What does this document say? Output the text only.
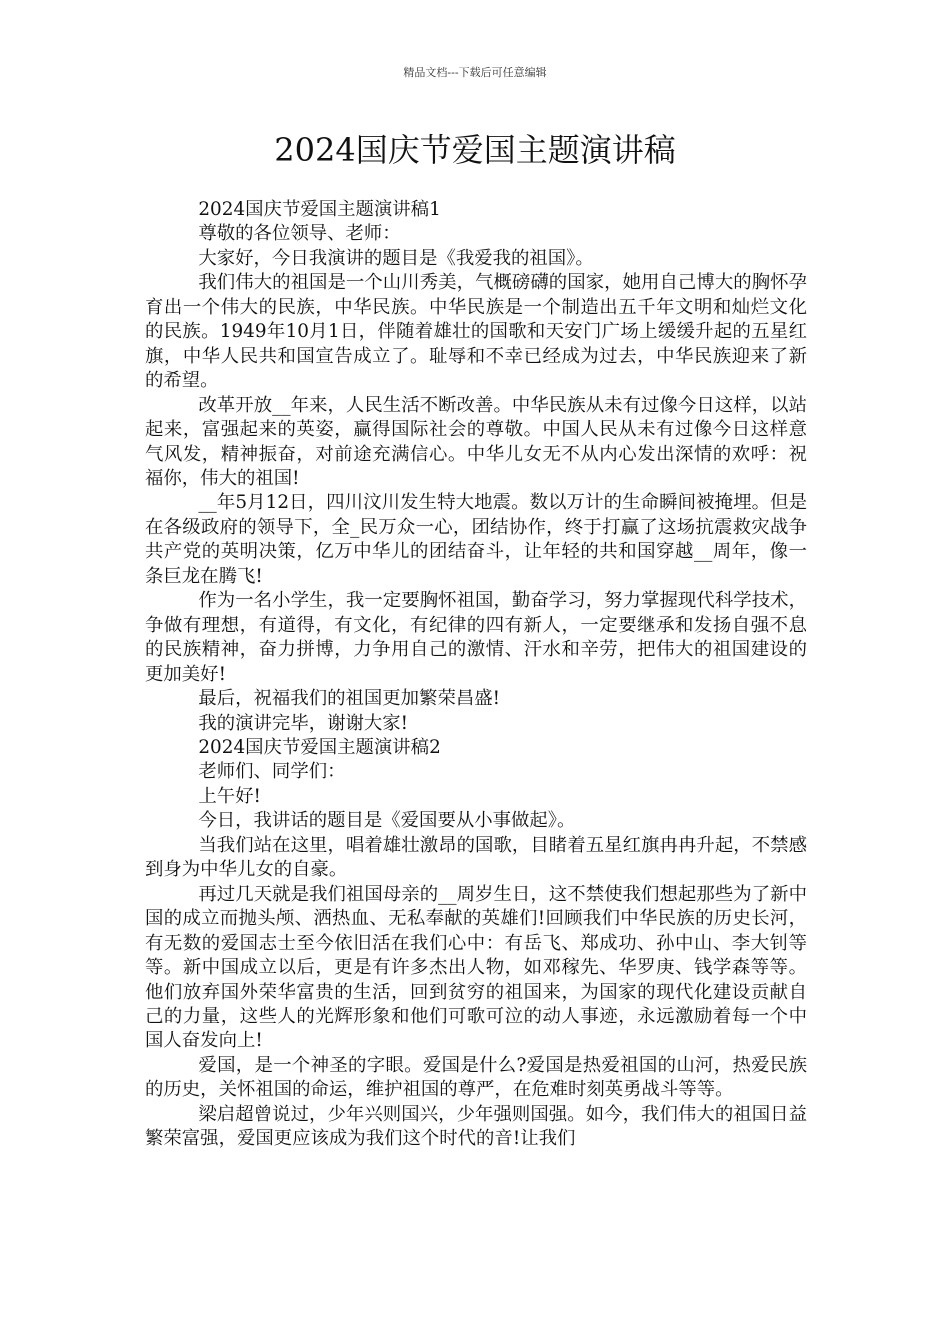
精品文档---下载后可任意编辑
2024国庆节爱国主题演讲稿

2024国庆节爱国主题演讲稿1

尊敬的各位领导、老师：

大家好，今日我演讲的题目是《我爱我的祖国》。

我们伟大的祖国是一个山川秀美，气概磅礴的国家，她用自己博大的胸怀孕育出一个伟大的民族，中华民族。中华民族是一个制造出五千年文明和灿烂文化的民族。1949年10月1日，伴随着雄壮的国歌和天安门广场上缓缓升起的五星红旗，中华人民共和国宣告成立了。耻辱和不幸已经成为过去，中华民族迎来了新的希望。

改革开放__年来，人民生活不断改善。中华民族从未有过像今日这样，以站起来，富强起来的英姿，赢得国际社会的尊敬。中国人民从未有过像今日这样意气风发，精神振奋，对前途充满信心。中华儿女无不从内心发出深情的欢呼：祝福你，伟大的祖国!

__年5月12日，四川汶川发生特大地震。数以万计的生命瞬间被掩埋。但是在各级政府的领导下，全_民万众一心，团结协作，终于打赢了这场抗震救灾战争共产党的英明决策，亿万中华儿的团结奋斗，让年轻的共和国穿越__周年，像一条巨龙在腾飞!

作为一名小学生，我一定要胸怀祖国，勤奋学习，努力掌握现代科学技术，争做有理想，有道得，有文化，有纪律的四有新人，一定要继承和发扬自强不息的民族精神，奋力拼博，力争用自己的激情、汗水和辛劳，把伟大的祖国建设的更加美好!

最后，祝福我们的祖国更加繁荣昌盛!

我的演讲完毕，谢谢大家!

2024国庆节爱国主题演讲稿2

老师们、同学们：

上午好!

今日，我讲话的题目是《爱国要从小事做起》。

当我们站在这里，唱着雄壮激昂的国歌，目睹着五星红旗冉冉升起，不禁感到身为中华儿女的自豪。

再过几天就是我们祖国母亲的__周岁生日，这不禁使我们想起那些为了新中国的成立而抛头颅、洒热血、无私奉献的英雄们!回顾我们中华民族的历史长河，有无数的爱国志士至今依旧活在我们心中：有岳飞、郑成功、孙中山、李大钊等等。新中国成立以后，更是有许多杰出人物，如邓稼先、华罗庚、钱学森等等。他们放弃国外荣华富贵的生活，回到贫穷的祖国来，为国家的现代化建设贡献自己的力量，这些人的光辉形象和他们可歌可泣的动人事迹，永远激励着每一个中国人奋发向上!

爱国，是一个神圣的字眼。爱国是什么?爱国是热爱祖国的山河，热爱民族的历史，关怀祖国的命运，维护祖国的尊严，在危难时刻英勇战斗等等。

梁启超曾说过，少年兴则国兴，少年强则国强。如今，我们伟大的祖国日益繁荣富强，爱国更应该成为我们这个时代的音!让我们
